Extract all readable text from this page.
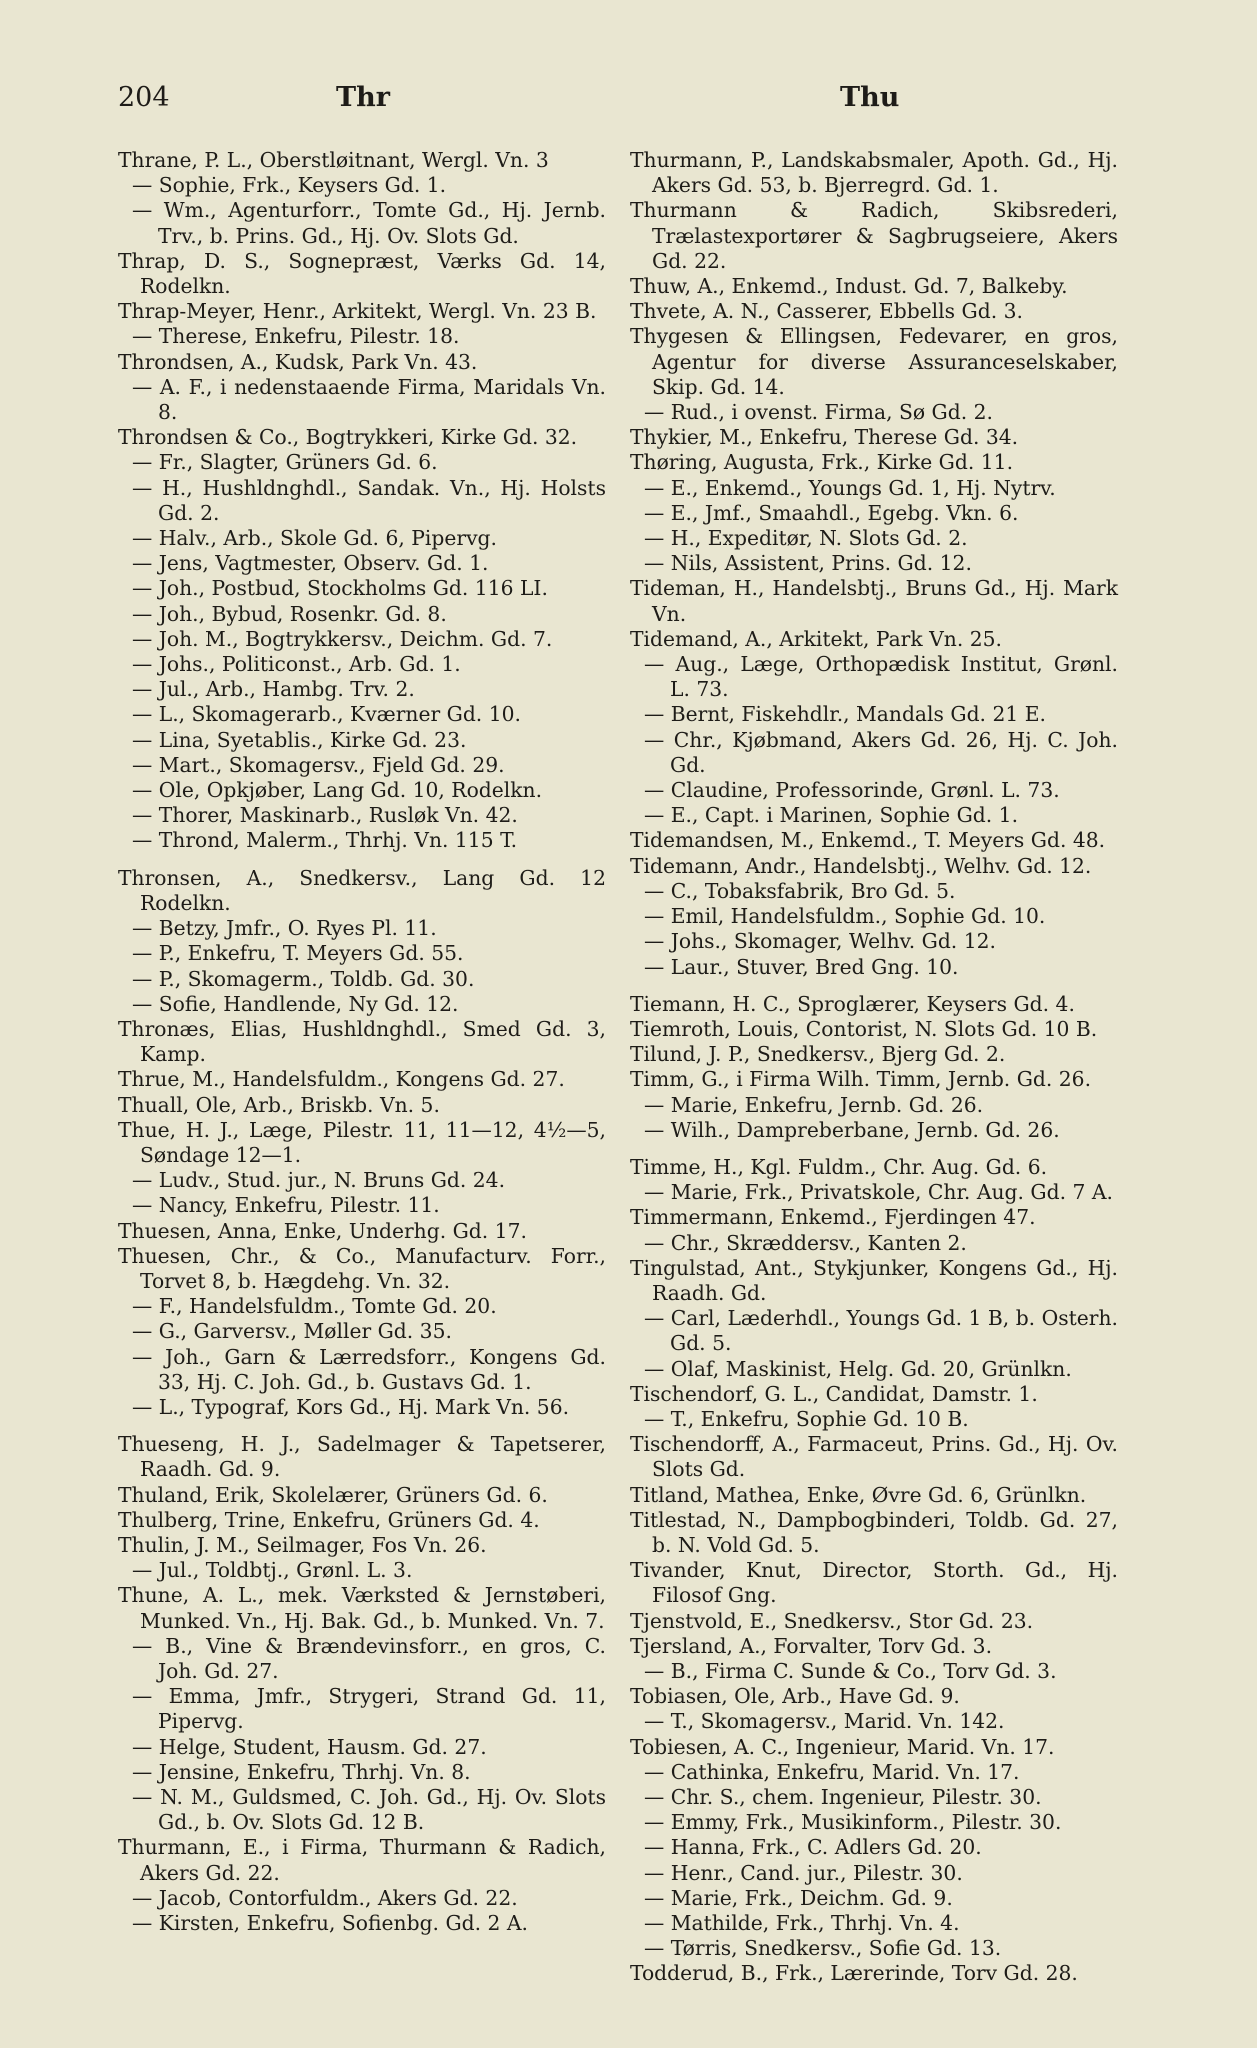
204	Thr	Thu
Thrane, P. L., Oberstløitnant, Wergl. Vn. 3
— Sophie, Frk., Keysers Gd. 1.
— Wm., Agenturforr., Tomte Gd., Hj. Jernb. Trv., b. Prins. Gd., Hj. Ov. Slots Gd.
Thrap, D. S., Sognepræst, Værks Gd. 14, Rodelkn.
Thrap-Meyer, Henr., Arkitekt, Wergl. Vn. 23 B.
— Therese, Enkefru, Pilestr. 18.
Throndsen, A., Kudsk, Park Vn. 43.
— A. F., i nedenstaaende Firma, Maridals Vn. 8.
Throndsen & Co., Bogtrykkeri, Kirke Gd. 32.
— Fr., Slagter, Grüners Gd. 6.
— H., Hushldnghdl., Sandak. Vn., Hj. Holsts Gd. 2.
— Halv., Arb., Skole Gd. 6, Pipervg.
— Jens, Vagtmester, Observ. Gd. 1.
— Joh., Postbud, Stockholms Gd. 116 LI.
— Joh., Bybud, Rosenkr. Gd. 8.
— Joh. M., Bogtrykkersv., Deichm. Gd. 7.
— Johs., Politiconst., Arb. Gd. 1.
— Jul., Arb., Hambg. Trv. 2.
— L., Skomagerarb., Kværner Gd. 10.
— Lina, Syetablis., Kirke Gd. 23.
— Mart., Skomagersv., Fjeld Gd. 29.
— Ole, Opkjøber, Lang Gd. 10, Rodelkn.
— Thorer, Maskinarb., Rusløk Vn. 42.
— Thrond, Malerm., Thrhj. Vn. 115 T.
Thronsen, A., Snedkersv., Lang Gd. 12 Rodelkn.
— Betzy, Jmfr., O. Ryes Pl. 11.
— P., Enkefru, T. Meyers Gd. 55.
— P., Skomagerm., Toldb. Gd. 30.
— Sofie, Handlende, Ny Gd. 12.
Thronæs, Elias, Hushldnghdl., Smed Gd. 3, Kamp.
Thrue, M., Handelsfuldm., Kongens Gd. 27.
Thuall, Ole, Arb., Briskb. Vn. 5.
Thue, H. J., Læge, Pilestr. 11, 11—12, 4½—5, Søndage 12—1.
— Ludv., Stud. jur., N. Bruns Gd. 24.
— Nancy, Enkefru, Pilestr. 11.
Thuesen, Anna, Enke, Underhg. Gd. 17.
Thuesen, Chr., & Co., Manufacturv. Forr., Torvet 8, b. Hægdehg. Vn. 32.
— F., Handelsfuldm., Tomte Gd. 20.
— G., Garversv., Møller Gd. 35.
— Joh., Garn & Lærredsforr., Kongens Gd. 33, Hj. C. Joh. Gd., b. Gustavs Gd. 1.
— L., Typograf, Kors Gd., Hj. Mark Vn. 56.
Thueseng, H. J., Sadelmager & Tapetserer, Raadh. Gd. 9.
Thuland, Erik, Skolelærer, Grüners Gd. 6.
Thulberg, Trine, Enkefru, Grüners Gd. 4.
Thulin, J. M., Seilmager, Fos Vn. 26.
— Jul., Toldbtj., Grønl. L. 3.
Thune, A. L., mek. Værksted & Jernstøberi, Munked. Vn., Hj. Bak. Gd., b. Munked. Vn. 7.
— B., Vine & Brændevinsforr., en gros, C. Joh. Gd. 27.
— Emma, Jmfr., Strygeri, Strand Gd. 11, Pipervg.
— Helge, Student, Hausm. Gd. 27.
— Jensine, Enkefru, Thrhj. Vn. 8.
— N. M., Guldsmed, C. Joh. Gd., Hj. Ov. Slots Gd., b. Ov. Slots Gd. 12 B.
Thurmann, E., i Firma, Thurmann & Radich, Akers Gd. 22.
— Jacob, Contorfuldm., Akers Gd. 22.
— Kirsten, Enkefru, Sofienbg. Gd. 2 A.
Thurmann, P., Landskabsmaler, Apoth. Gd., Hj. Akers Gd. 53, b. Bjerregrd. Gd. 1.
Thurmann & Radich, Skibsrederi, Trælastexportører & Sagbrugseiere, Akers Gd. 22.
Thuw, A., Enkemd., Indust. Gd. 7, Balkeby.
Thvete, A. N., Casserer, Ebbells Gd. 3.
Thygesen & Ellingsen, Fedevarer, en gros, Agentur for diverse Assuranceselskaber, Skip. Gd. 14.
— Rud., i ovenst. Firma, Sø Gd. 2.
Thykier, M., Enkefru, Therese Gd. 34.
Thøring, Augusta, Frk., Kirke Gd. 11.
— E., Enkemd., Youngs Gd. 1, Hj. Nytrv.
— E., Jmf., Smaahdl., Egebg. Vkn. 6.
— H., Expeditør, N. Slots Gd. 2.
— Nils, Assistent, Prins. Gd. 12.
Tideman, H., Handelsbtj., Bruns Gd., Hj. Mark Vn.
Tidemand, A., Arkitekt, Park Vn. 25.
— Aug., Læge, Orthopædisk Institut, Grønl. L. 73.
— Bernt, Fiskehdlr., Mandals Gd. 21 E.
— Chr., Kjøbmand, Akers Gd. 26, Hj. C. Joh. Gd.
— Claudine, Professorinde, Grønl. L. 73.
— E., Capt. i Marinen, Sophie Gd. 1.
Tidemandsen, M., Enkemd., T. Meyers Gd. 48.
Tidemann, Andr., Handelsbtj., Welhv. Gd. 12.
— C., Tobaksfabrik, Bro Gd. 5.
— Emil, Handelsfuldm., Sophie Gd. 10.
— Johs., Skomager, Welhv. Gd. 12.
— Laur., Stuver, Bred Gng. 10.
Tiemann, H. C., Sproglærer, Keysers Gd. 4.
Tiemroth, Louis, Contorist, N. Slots Gd. 10 B.
Tilund, J. P., Snedkersv., Bjerg Gd. 2.
Timm, G., i Firma Wilh. Timm, Jernb. Gd. 26.
— Marie, Enkefru, Jernb. Gd. 26.
— Wilh., Dampreberbane, Jernb. Gd. 26.
Timme, H., Kgl. Fuldm., Chr. Aug. Gd. 6.
— Marie, Frk., Privatskole, Chr. Aug. Gd. 7 A.
Timmermann, Enkemd., Fjerdingen 47.
— Chr., Skræddersv., Kanten 2.
Tingulstad, Ant., Stykjunker, Kongens Gd., Hj. Raadh. Gd.
— Carl, Læderhdl., Youngs Gd. 1 B, b. Osterh. Gd. 5.
— Olaf, Maskinist, Helg. Gd. 20, Grünlkn.
Tischendorf, G. L., Candidat, Damstr. 1.
— T., Enkefru, Sophie Gd. 10 B.
Tischendorff, A., Farmaceut, Prins. Gd., Hj. Ov. Slots Gd.
Titland, Mathea, Enke, Øvre Gd. 6, Grünlkn.
Titlestad, N., Dampbogbinderi, Toldb. Gd. 27, b. N. Vold Gd. 5.
Tivander, Knut, Director, Storth. Gd., Hj. Filosof Gng.
Tjenstvold, E., Snedkersv., Stor Gd. 23.
Tjersland, A., Forvalter, Torv Gd. 3.
— B., Firma C. Sunde & Co., Torv Gd. 3.
Tobiasen, Ole, Arb., Have Gd. 9.
— T., Skomagersv., Marid. Vn. 142.
Tobiesen, A. C., Ingenieur, Marid. Vn. 17.
— Cathinka, Enkefru, Marid. Vn. 17.
— Chr. S., chem. Ingenieur, Pilestr. 30.
— Emmy, Frk., Musikinform., Pilestr. 30.
— Hanna, Frk., C. Adlers Gd. 20.
— Henr., Cand. jur., Pilestr. 30.
— Marie, Frk., Deichm. Gd. 9.
— Mathilde, Frk., Thrhj. Vn. 4.
— Tørris, Snedkersv., Sofie Gd. 13.
Todderud, B., Frk., Lærerinde, Torv Gd. 28.
